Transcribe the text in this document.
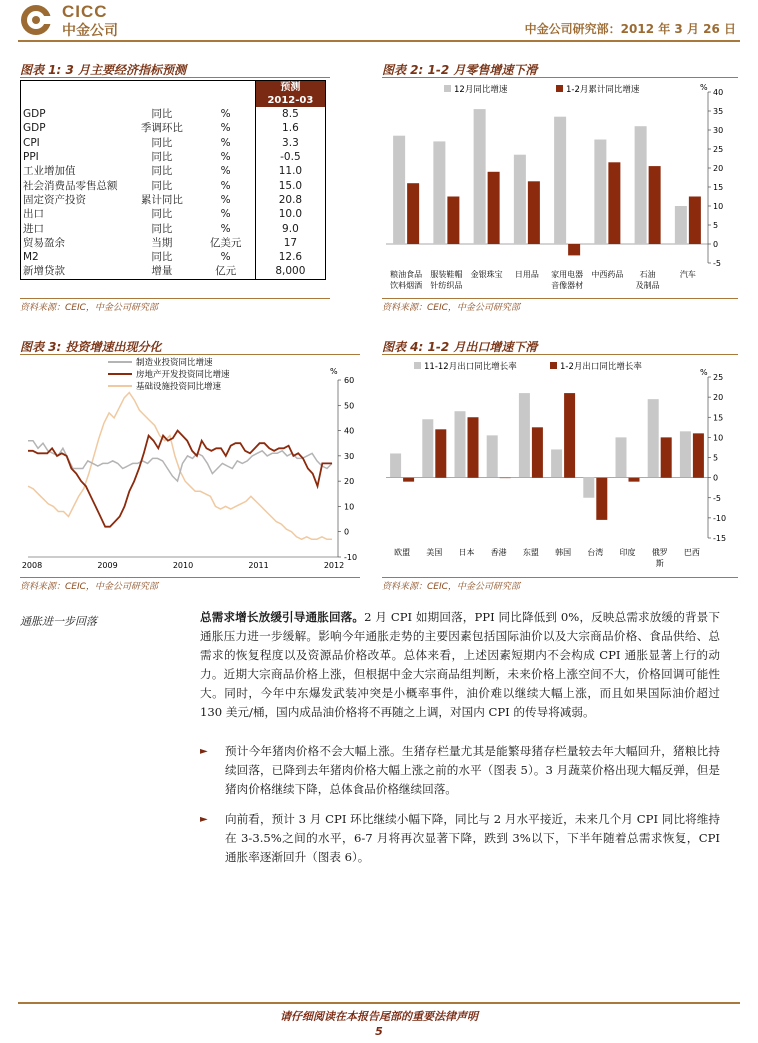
CICC
中金公司	中金公司研究部：2012 年 3 月 26 日
图表 1: 3 月主要经济指标预测

			预测
2012-03

GDP	同比	%	8.5
GDP	季调环比	%	1.6
CPI	同比	%	3.3
PPI	同比	%	-0.5
工业增加值	同比	%	11.0
社会消费品零售总额	同比	%	15.0
固定资产投资	累计同比	%	20.8
出口	同比	%	10.0
进口	同比	%	9.0
贸易盈余	当期	亿美元	17
M2	同比	%	12.6
新增贷款	增量	亿元	8,000
资料来源：CEIC，中金公司研究部
图表 2: 1-2 月零售增速下滑
-5
0
5
10
15
20
25
30
35
40
%
粮油食品
饮料烟酒
服装鞋帽
针纺织品
金银珠宝 日用品 家用电器
音像器材
中西药品 石油
及制品
汽车
12月同比增速	1-2月累计同比增速
资料来源：CEIC，中金公司研究部
图表 3: 投资增速出现分化
-10
0
10
20
30
40
50
60
%
2008	2009	2010	2011	2012
制造业投资同比增速
房地产开发投资同比增速
基础设施投资同比增速
资料来源：CEIC，中金公司研究部
图表 4: 1-2 月出口增速下滑
-15
-10
-5
0
5
10
15
20
25
%
欧盟 美国 日本 香港 东盟 韩国 台湾 印度 俄罗
斯
巴西
11-12月出口同比增长率	1-2月出口同比增长率
资料来源：CEIC，中金公司研究部
通胀进一步回落	总需求增长放缓引导通胀回落。2 月 CPI 如期回落，PPI 同比降低到 0%，反映总需求放缓的背景下通胀压力进一步缓解。影响今年通胀走势的主要因素包括国际油价以及大宗商品价格、食品供给、总需求的恢复程度以及资源品价格改革。总体来看，上述因素短期内不会构成 CPI 通胀显著上行的动力。近期大宗商品价格上涨，但根据中金大宗商品组判断，未来价格上涨空间不大，价格回调可能性大。同时，今年中东爆发武装冲突是小概率事件，油价难以继续大幅上涨，而且如果国际油价超过 130 美元/桶，国内成品油价格将不再随之上调，对国内 CPI 的传导将减弱。
► 预计今年猪肉价格不会大幅上涨。生猪存栏量尤其是能繁母猪存栏量较去年大幅回升，猪粮比持续回落，已降到去年猪肉价格大幅上涨之前的水平（图表 5）。3 月蔬菜价格出现大幅反弹，但是猪肉价格继续下降，总体食品价格继续回落。
► 向前看，预计 3 月 CPI 环比继续小幅下降，同比与 2 月水平接近，未来几个月 CPI 同比将维持在 3-3.5%之间的水平，6-7 月将再次显著下降，跌到 3%以下，下半年随着总需求恢复，CPI 通胀率逐渐回升（图表 6）。
请仔细阅读在本报告尾部的重要法律声明
5
